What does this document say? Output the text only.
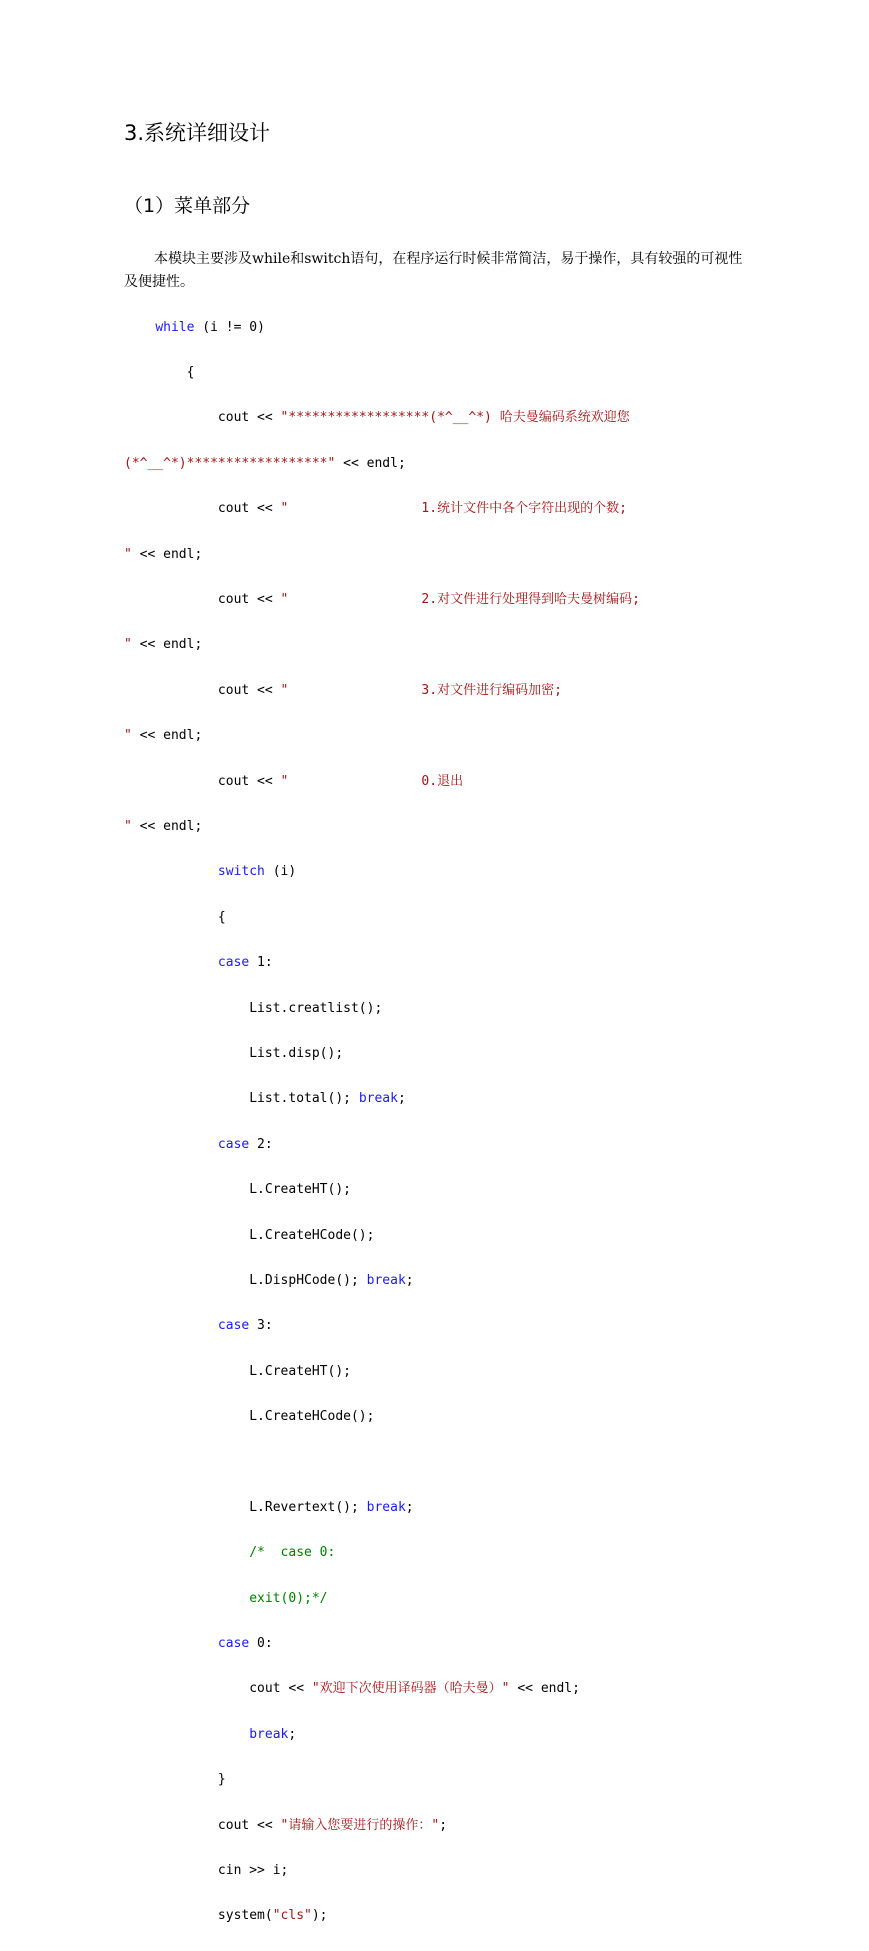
3.系统详细设计
（1）菜单部分

本模块主要涉及while和switch语句，在程序运行时候非常简洁，易于操作，具有较强的可视性及便捷性。

while (i != 0)

{

cout << "******************(*^__^*) 哈夫曼编码系统欢迎您

(*^__^*)******************" << endl;

cout << "                 1.统计文件中各个字符出现的个数;

" << endl;

cout << "                 2.对文件进行处理得到哈夫曼树编码;

" << endl;

cout << "                 3.对文件进行编码加密;

" << endl;

cout << "                 0.退出

" << endl;

switch (i)

{

case 1:

List.creatlist();

List.disp();

List.total(); break;

case 2:

L.CreateHT();

L.CreateHCode();

L.DispHCode(); break;

case 3:

L.CreateHT();

L.CreateHCode();

L.Revertext(); break;

/*  case 0:

exit(0);*/

case 0:

cout << "欢迎下次使用译码器（哈夫曼）" << endl;

break;

}

cout << "请输入您要进行的操作：";

cin >> i;

system("cls");
